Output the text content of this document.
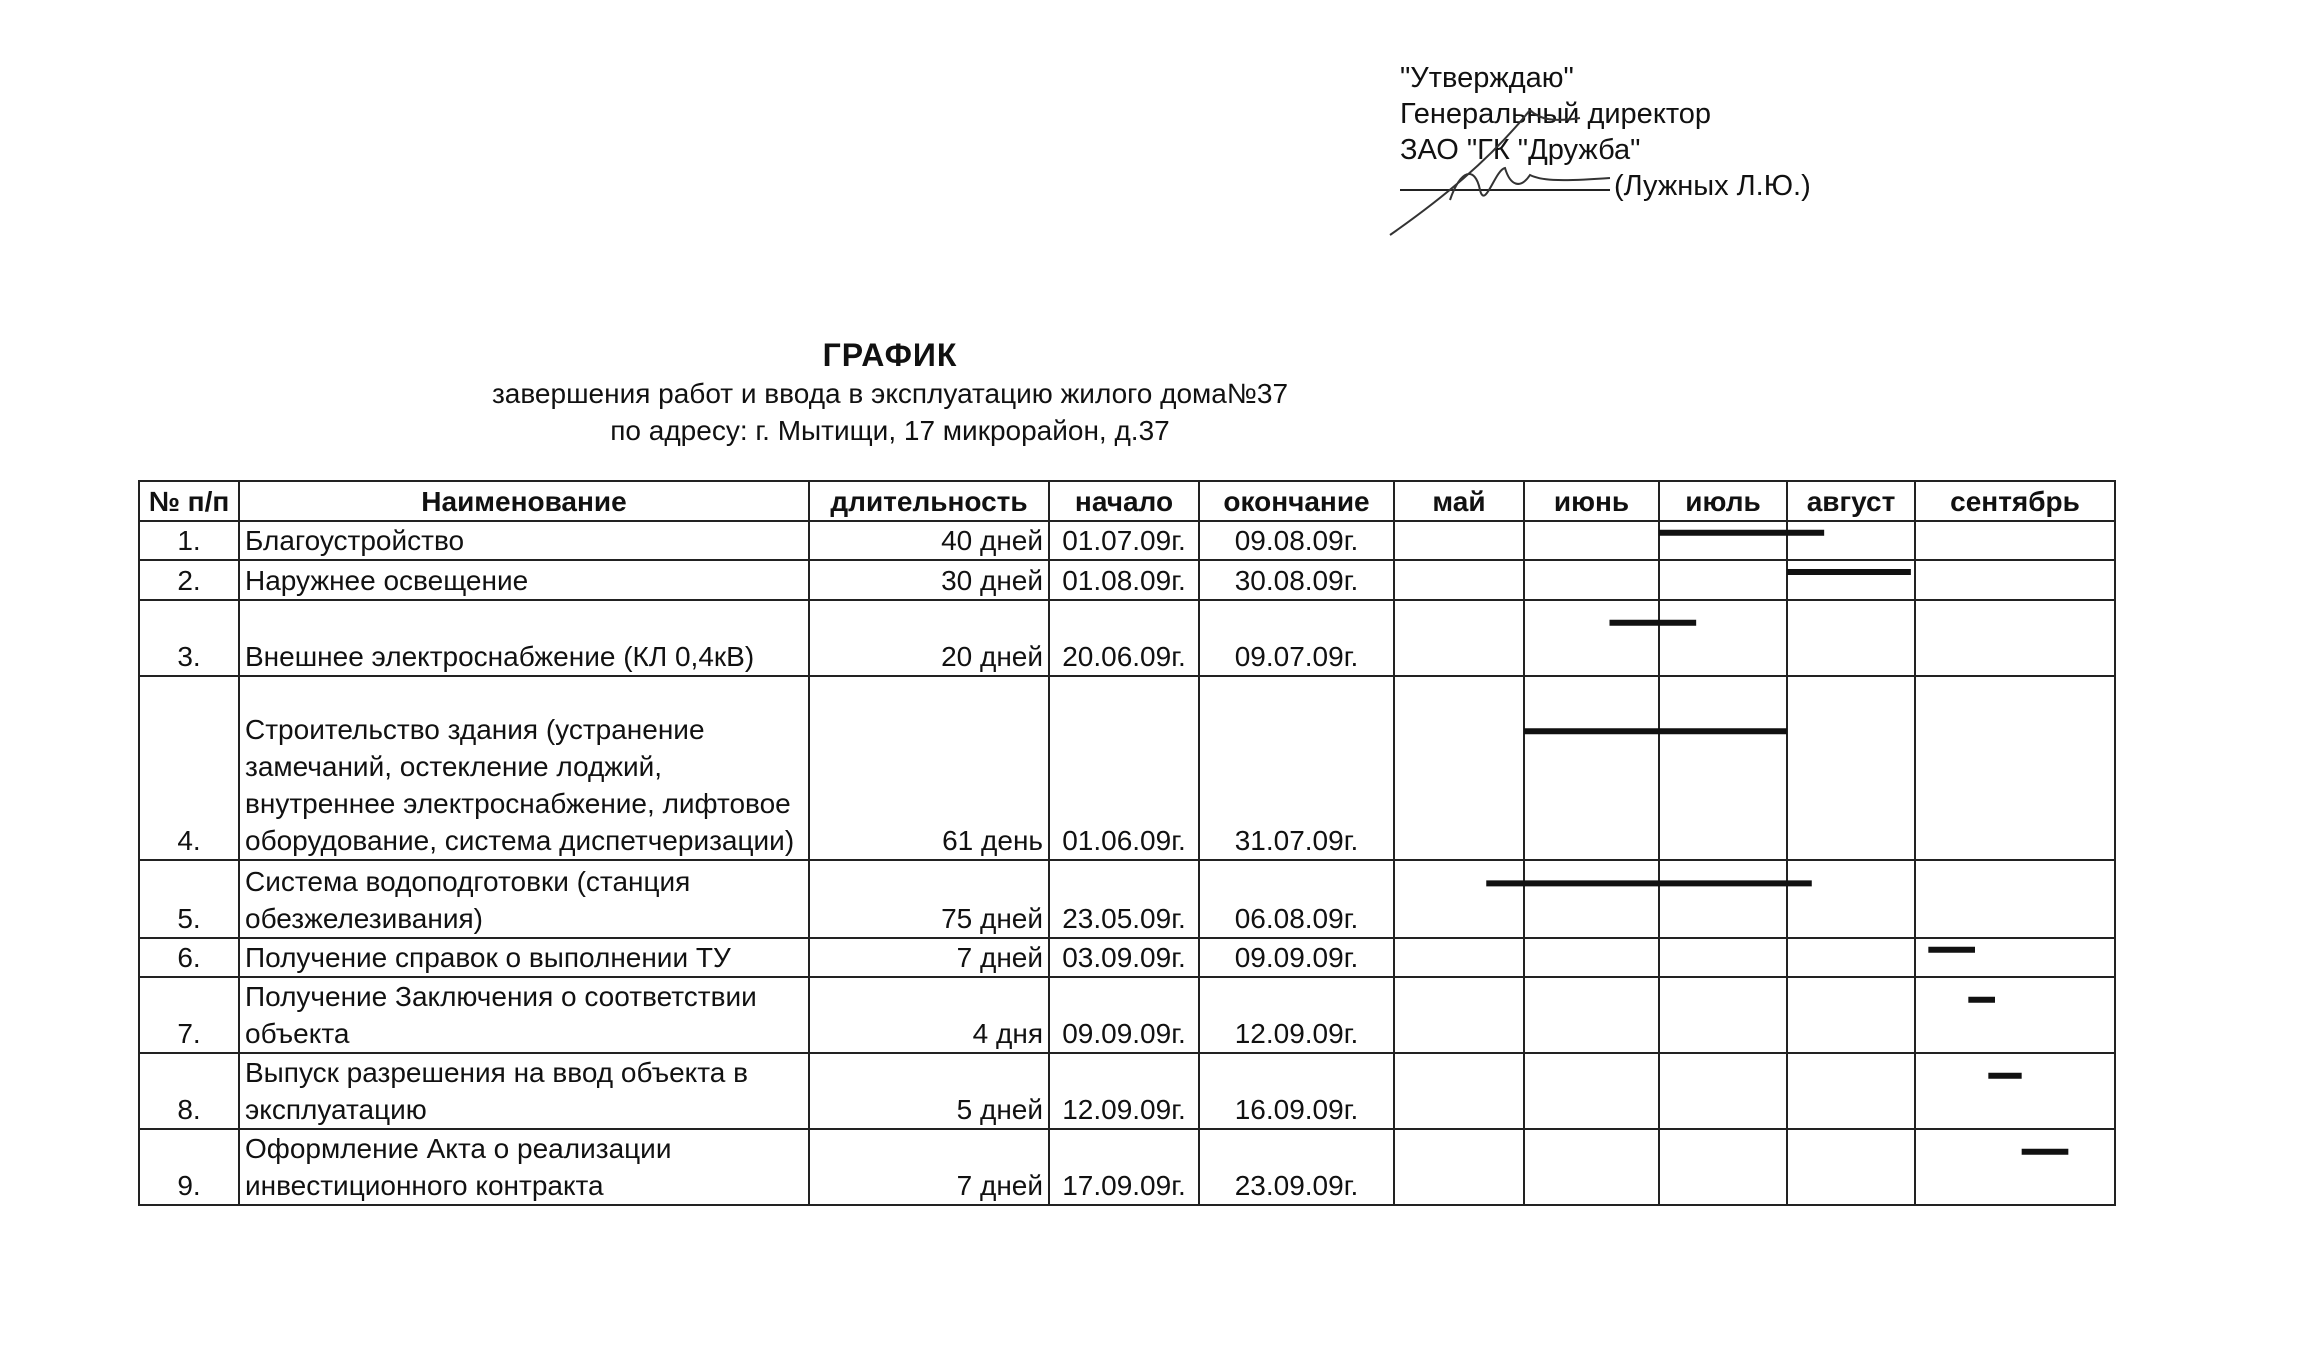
"Утверждаю"
Генеральный директор
ЗАО "ГК "Дружба"
(Лужных Л.Ю.)
ГРАФИК
завершения работ и ввода в эксплуатацию жилого дома№37
по адресу: г. Мытищи, 17 микрорайон, д.37
№ п/п	Наименование	длительность	начало	окончание	май	июнь	июль	август	сентябрь
1.	Благоустройство	40 дней	01.07.09г.	09.08.09г.					
2.	Наружнее освещение	30 дней	01.08.09г.	30.08.09г.					
3.	Внешнее электроснабжение (КЛ 0,4кВ)	20 дней	20.06.09г.	09.07.09г.					
4.	Строительство здания (устранение замечаний, остекление лоджий, внутреннее электроснабжение, лифтовое оборудование, система диспетчеризации)	61 день	01.06.09г.	31.07.09г.					
5.	Система водоподготовки (станция обезжелезивания)	75 дней	23.05.09г.	06.08.09г.					
6.	Получение справок о выполнении ТУ	7 дней	03.09.09г.	09.09.09г.					
7.	Получение Заключения о соответствии объекта	4 дня	09.09.09г.	12.09.09г.					
8.	Выпуск разрешения на ввод объекта в эксплуатацию	5 дней	12.09.09г.	16.09.09г.					
9.	Оформление Акта о реализации инвестиционного контракта	7 дней	17.09.09г.	23.09.09г.					
